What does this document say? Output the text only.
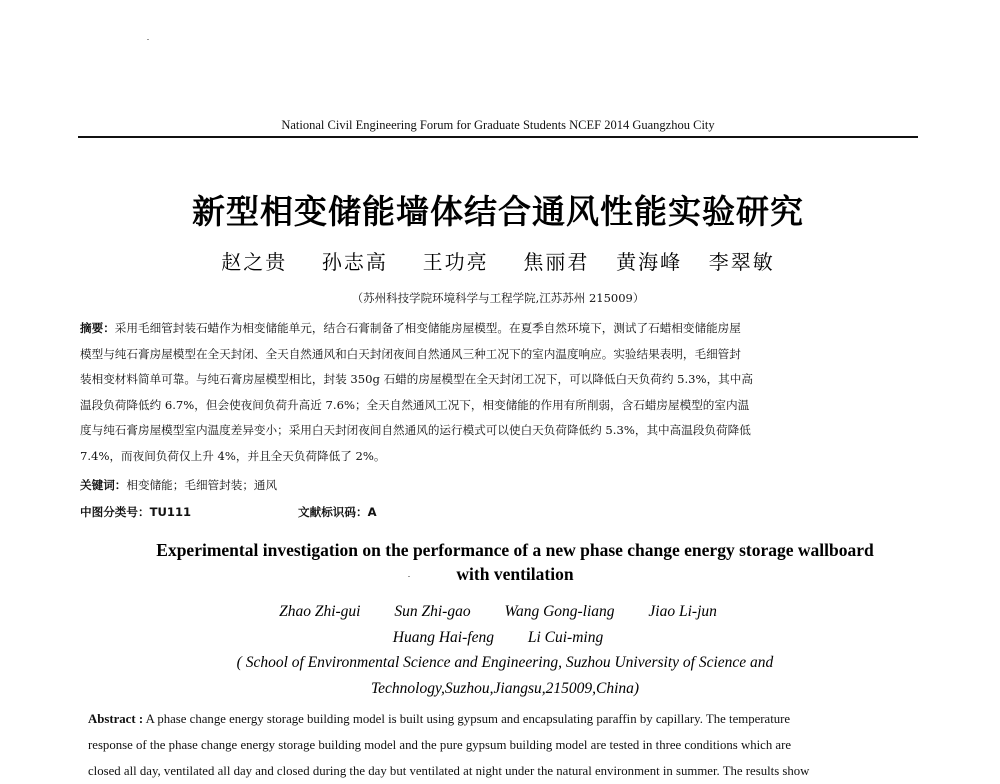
National Civil Engineering Forum for Graduate Students NCEF 2014 Guangzhou City
新型相变储能墙体结合通风性能实验研究
赵之贵 孙志高 王功亮 焦丽君 黄海峰 李翠敏
（苏州科技学院环境科学与工程学院,江苏苏州 215009）
摘要：采用毛细管封装石蜡作为相变储能单元，结合石膏制备了相变储能房屋模型。在夏季自然环境下，测试了石蜡相变储能房屋
模型与纯石膏房屋模型在全天封闭、全天自然通风和白天封闭夜间自然通风三种工况下的室内温度响应。实验结果表明，毛细管封
装相变材料简单可靠。与纯石膏房屋模型相比，封装 350g 石蜡的房屋模型在全天封闭工况下，可以降低白天负荷约 5.3%，其中高
温段负荷降低约 6.7%，但会使夜间负荷升高近 7.6%；全天自然通风工况下，相变储能的作用有所削弱，含石蜡房屋模型的室内温
度与纯石膏房屋模型室内温度差异变小；采用白天封闭夜间自然通风的运行模式可以使白天负荷降低约 5.3%，其中高温段负荷降低
7.4%，而夜间负荷仅上升 4%，并且全天负荷降低了 2%。
关键词：相变储能；毛细管封装；通风
中图分类号：TU111	文献标识码：A
Experimental investigation on the performance of a new phase change energy storage wallboard
with ventilation
Zhao Zhi-gui Sun Zhi-gao Wang Gong-liang Jiao Li-jun
Huang Hai-feng Li Cui-ming
( School of Environmental Science and Engineering, Suzhou University of Science and
Technology,Suzhou,Jiangsu,215009,China)
Abstract : A phase change energy storage building model is built using gypsum and encapsulating paraffin by capillary. The temperature
response of the phase change energy storage building model and the pure gypsum building model are tested in three conditions which are
closed all day, ventilated all day and closed during the day but ventilated at night under the natural environment in summer. The results show
